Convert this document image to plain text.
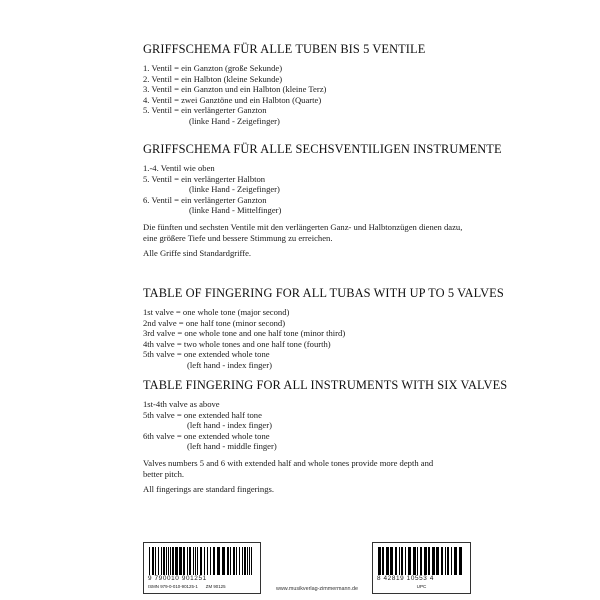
GRIFFSCHEMA FÜR ALLE TUBEN BIS 5 VENTILE
1. Ventil = ein Ganzton (große Sekunde)
2. Ventil = ein Halbton (kleine Sekunde)
3. Ventil = ein Ganzton und ein Halbton (kleine Terz)
4. Ventil = zwei Ganztöne und ein Halbton (Quarte)
5. Ventil = ein verlängerter Ganzton
(linke Hand - Zeigefinger)
GRIFFSCHEMA FÜR ALLE SECHSVENTILIGEN INSTRUMENTE
1.-4. Ventil wie oben
5. Ventil = ein verlängerter Halbton
(linke Hand - Zeigefinger)
6. Ventil = ein verlängerter Ganzton
(linke Hand - Mittelfinger)
Die fünften und sechsten Ventile mit den verlängerten Ganz- und Halbtonzügen dienen dazu, eine größere Tiefe und bessere Stimmung zu erreichen.
Alle Griffe sind Standardgriffe.
TABLE OF FINGERING FOR ALL TUBAS WITH UP TO 5 VALVES
1st valve = one whole tone (major second)
2nd valve = one half tone (minor second)
3rd valve = one whole tone and one half tone (minor third)
4th valve = two whole tones and one half tone (fourth)
5th valve = one extended whole tone
(left hand - index finger)
TABLE FINGERING FOR ALL INSTRUMENTS WITH SIX VALVES
1st-4th valve as above
5th valve = one extended half tone
(left hand - index finger)
6th valve = one extended whole tone
(left hand - middle finger)
Valves numbers 5 and 6 with extended half and whole tones provide more depth and better pitch.
All fingerings are standard fingerings.
9 790010 901251
ISMN 979-0-010-90125-1 ZM 90125	www.musikverlag-zimmermann.de
8 42819 10553 4
UPC
